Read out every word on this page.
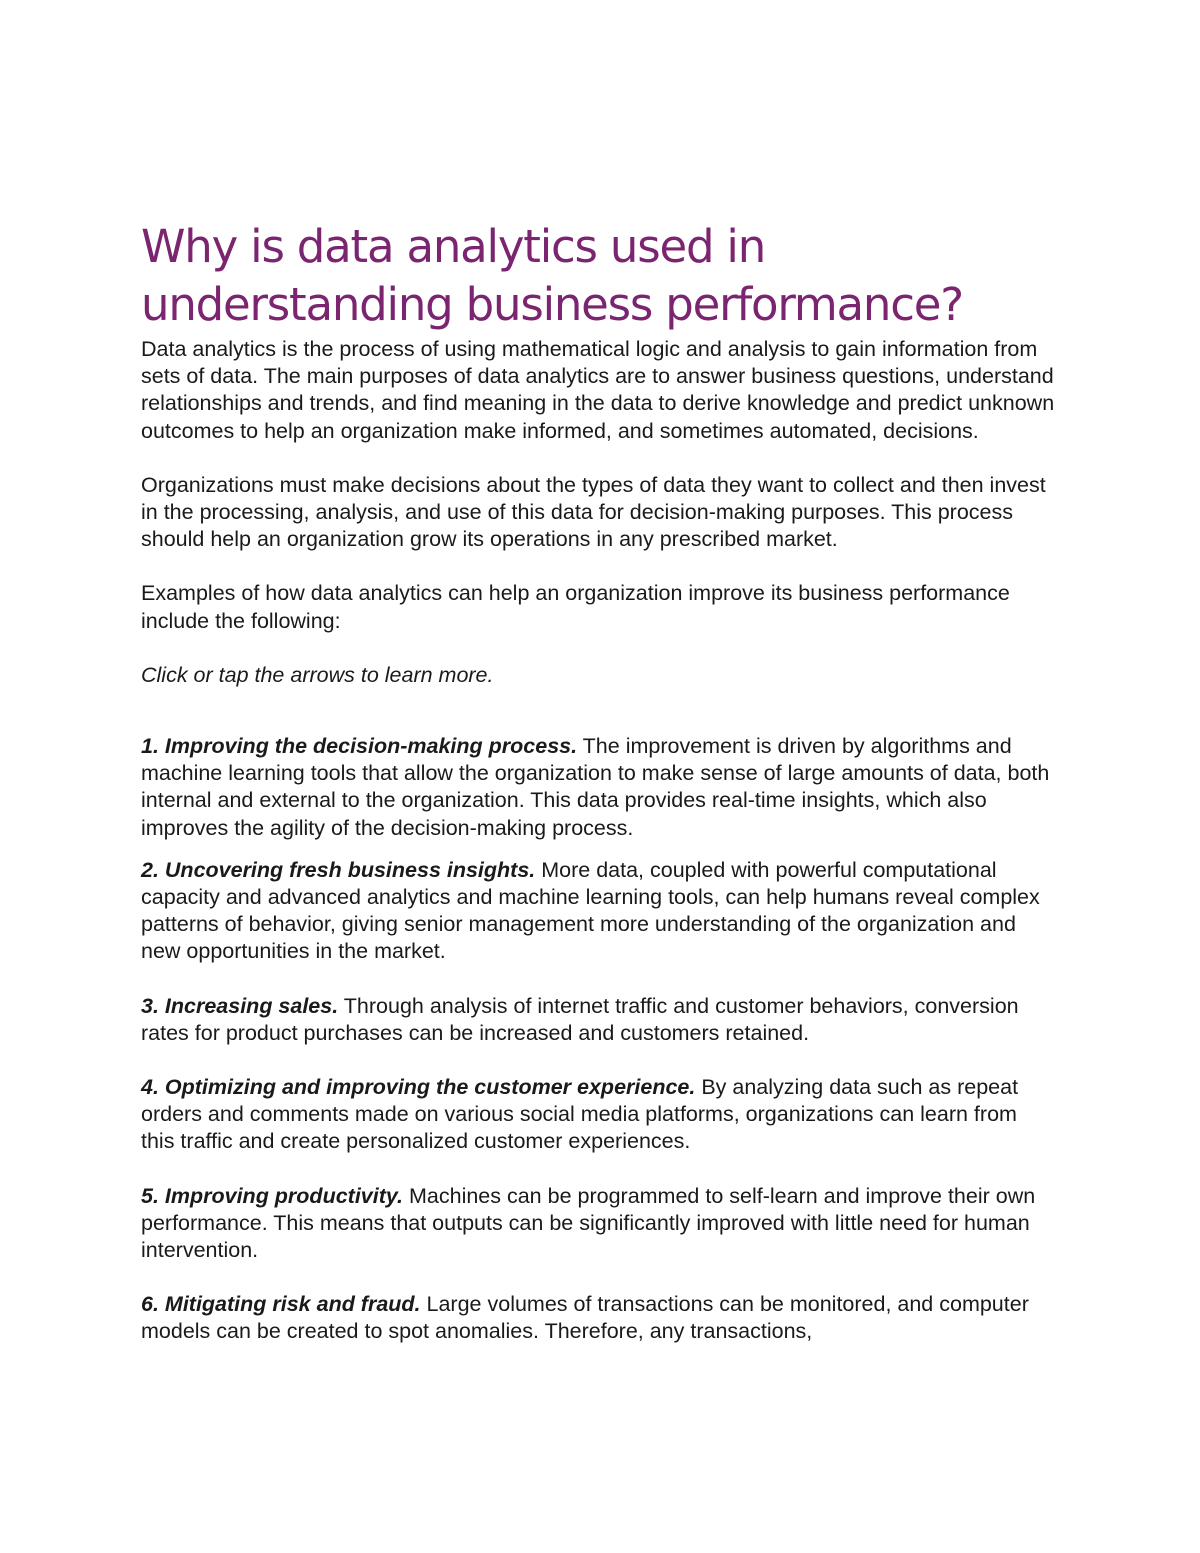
Why is data analytics used in understanding business performance?

Data analytics is the process of using mathematical logic and analysis to gain information from sets of data. The main purposes of data analytics are to answer business questions, understand relationships and trends, and find meaning in the data to derive knowledge and predict unknown outcomes to help an organization make informed, and sometimes automated, decisions.

Organizations must make decisions about the types of data they want to collect and then invest in the processing, analysis, and use of this data for decision-making purposes. This process should help an organization grow its operations in any prescribed market.

Examples of how data analytics can help an organization improve its business performance include the following:

Click or tap the arrows to learn more.

1. Improving the decision-making process. The improvement is driven by algorithms and machine learning tools that allow the organization to make sense of large amounts of data, both internal and external to the organization. This data provides real-time insights, which also improves the agility of the decision-making process.

2. Uncovering fresh business insights. More data, coupled with powerful computational capacity and advanced analytics and machine learning tools, can help humans reveal complex patterns of behavior, giving senior management more understanding of the organization and new opportunities in the market.

3. Increasing sales. Through analysis of internet traffic and customer behaviors, conversion rates for product purchases can be increased and customers retained.

4. Optimizing and improving the customer experience. By analyzing data such as repeat orders and comments made on various social media platforms, organizations can learn from this traffic and create personalized customer experiences.

5. Improving productivity. Machines can be programmed to self-learn and improve their own performance. This means that outputs can be significantly improved with little need for human intervention.

6. Mitigating risk and fraud. Large volumes of transactions can be monitored, and computer models can be created to spot anomalies. Therefore, any transactions,
